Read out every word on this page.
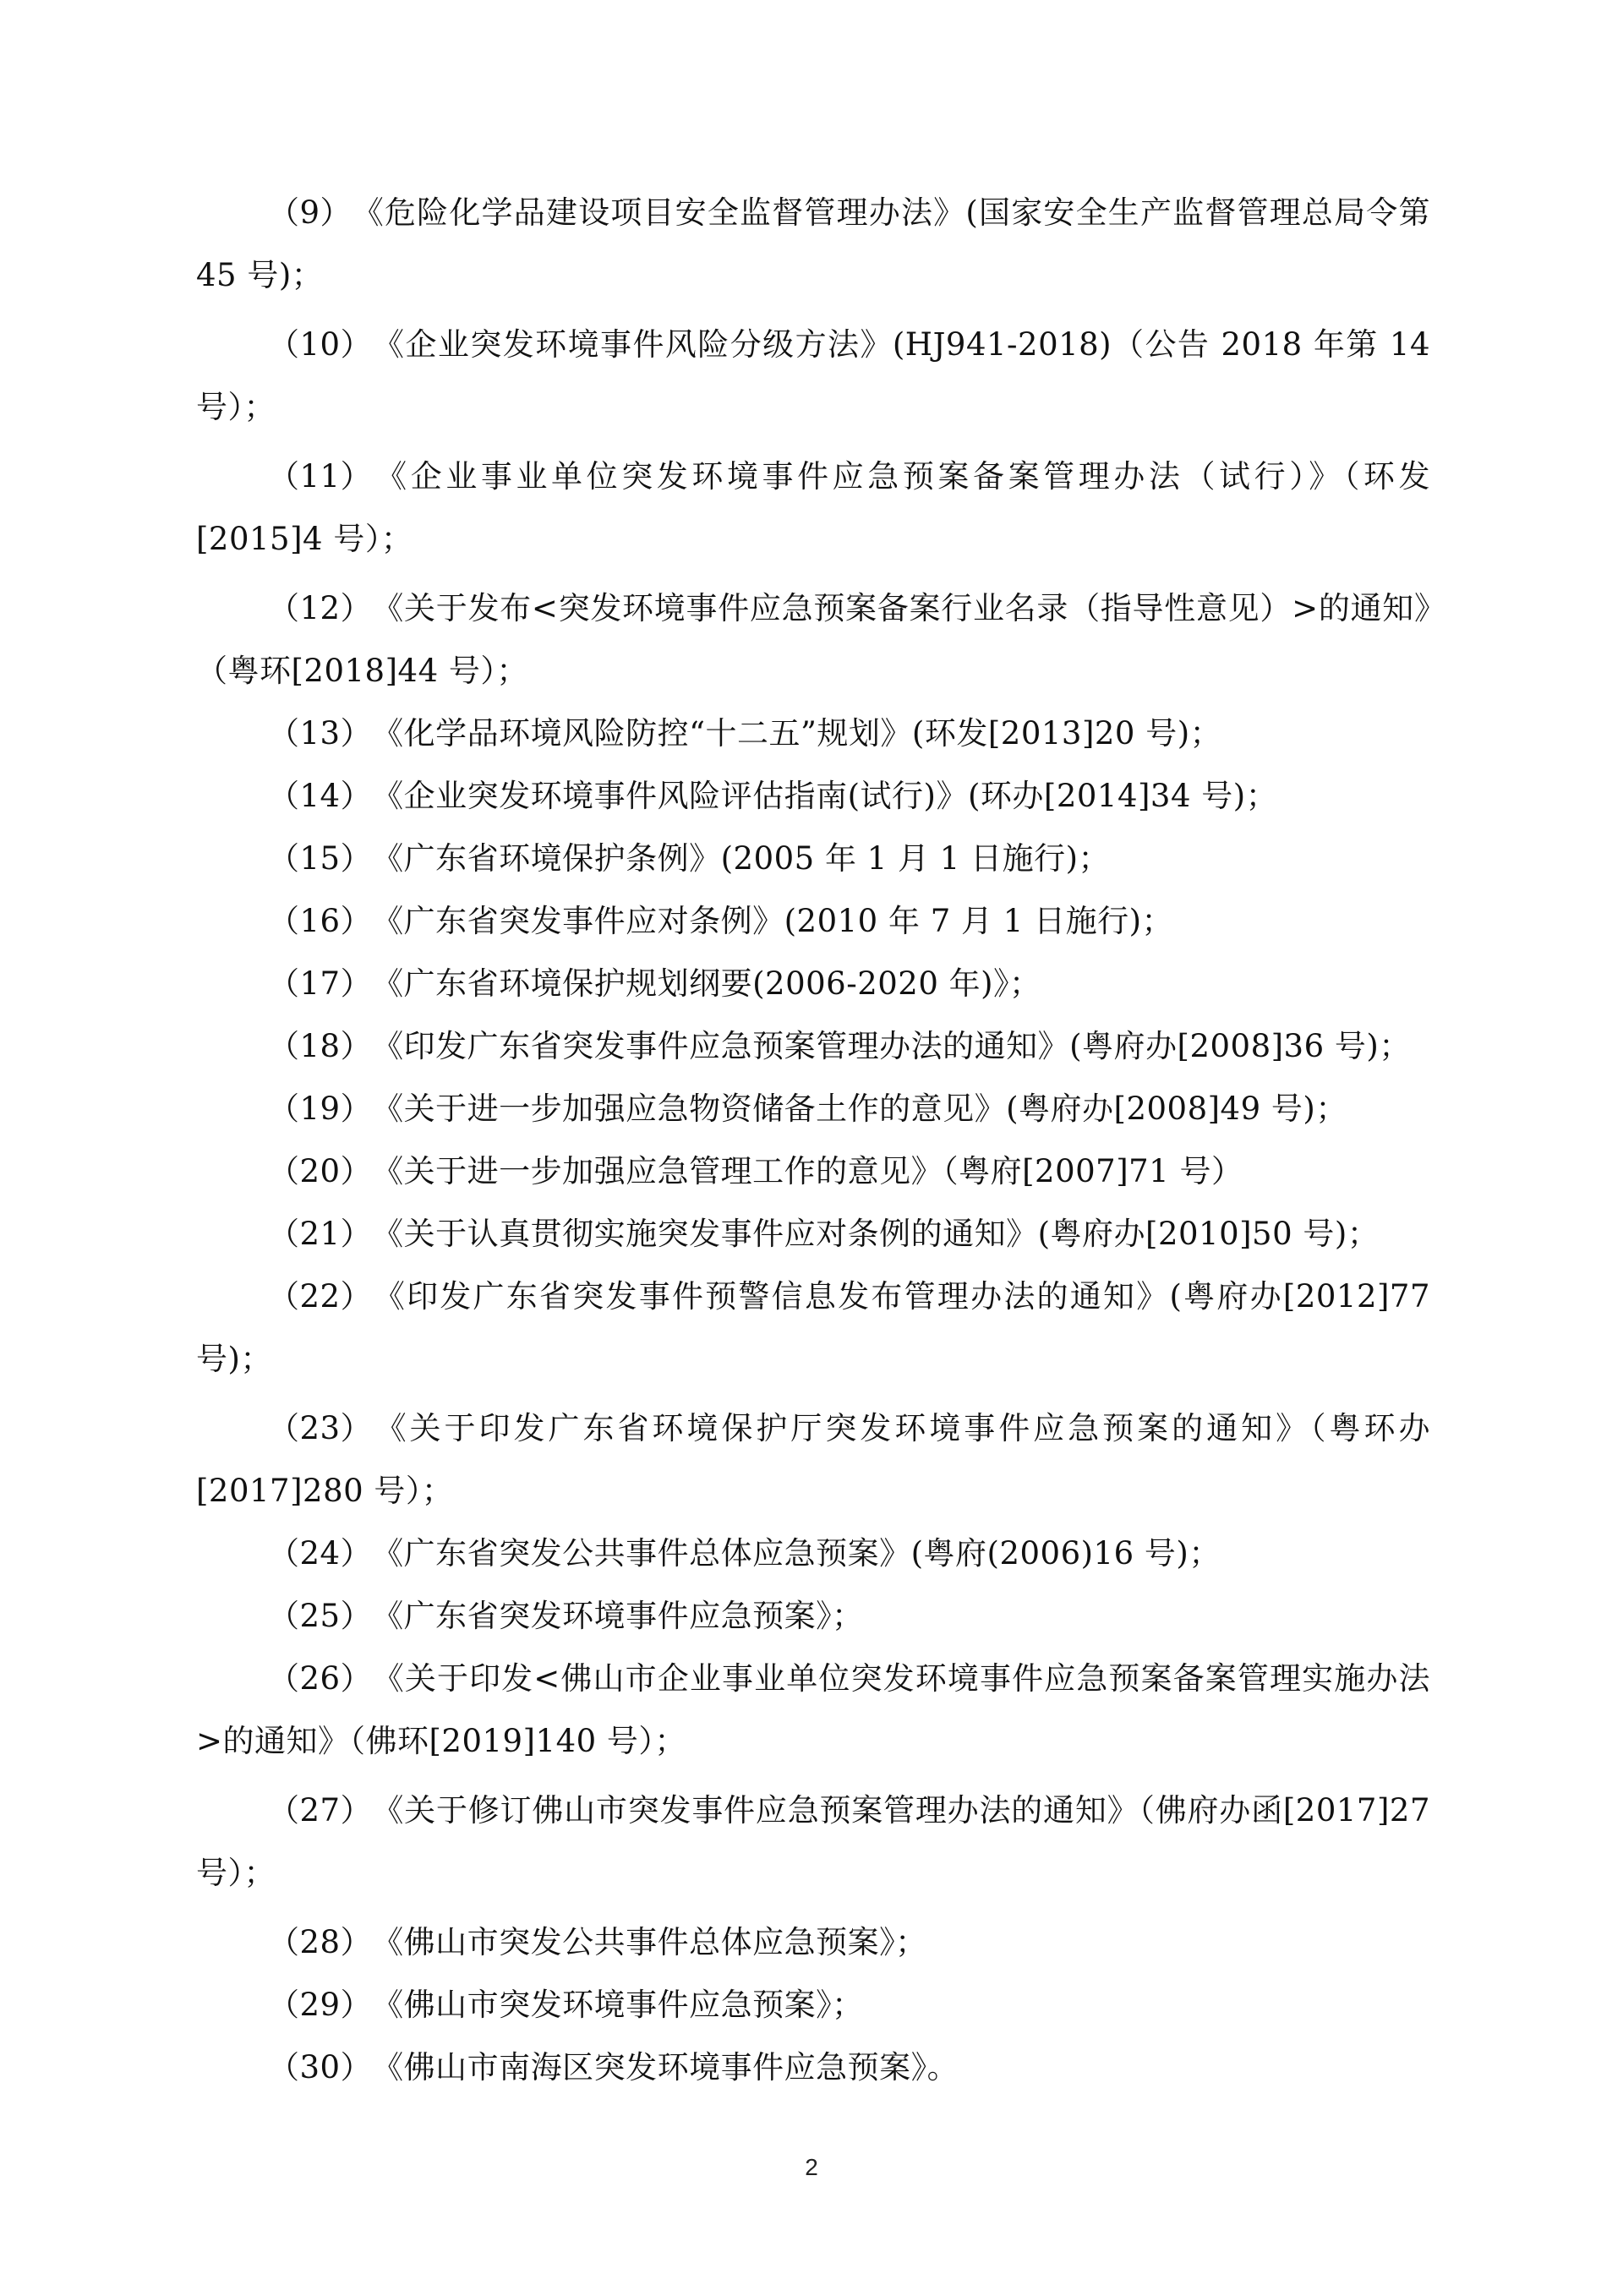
（9）《危险化学品建设项目安全监督管理办法》(国家安全生产监督管理总局令第45 号)；

（10）《企业突发环境事件风险分级方法》(HJ941-2018)（公告 2018 年第 14 号）；

（11）《企业事业单位突发环境事件应急预案备案管理办法（试行）》（环发[2015]4 号）；

（12）《关于发布<突发环境事件应急预案备案行业名录（指导性意见）>的通知》（粤环[2018]44 号）；

（13）《化学品环境风险防控“十二五”规划》(环发[2013]20 号)；

（14）《企业突发环境事件风险评估指南(试行)》(环办[2014]34 号)；

（15）《广东省环境保护条例》(2005 年 1 月 1 日施行)；

（16）《广东省突发事件应对条例》(2010 年 7 月 1 日施行)；

（17）《广东省环境保护规划纲要(2006-2020 年)》；

（18）《印发广东省突发事件应急预案管理办法的通知》(粤府办[2008]36 号)；

（19）《关于进一步加强应急物资储备土作的意见》(粤府办[2008]49 号)；

（20）《关于进一步加强应急管理工作的意见》（粤府[2007]71 号）

（21）《关于认真贯彻实施突发事件应对条例的通知》(粤府办[2010]50 号)；

（22）《印发广东省突发事件预警信息发布管理办法的通知》(粤府办[2012]77 号)；

（23）《关于印发广东省环境保护厅突发环境事件应急预案的通知》（粤环办[2017]280 号）；

（24）《广东省突发公共事件总体应急预案》(粤府(2006)16 号)；

（25）《广东省突发环境事件应急预案》；

（26）《关于印发<佛山市企业事业单位突发环境事件应急预案备案管理实施办法>的通知》（佛环[2019]140 号）；

（27）《关于修订佛山市突发事件应急预案管理办法的通知》（佛府办函[2017]27号）；

（28）《佛山市突发公共事件总体应急预案》；

（29）《佛山市突发环境事件应急预案》；

（30）《佛山市南海区突发环境事件应急预案》。

2
